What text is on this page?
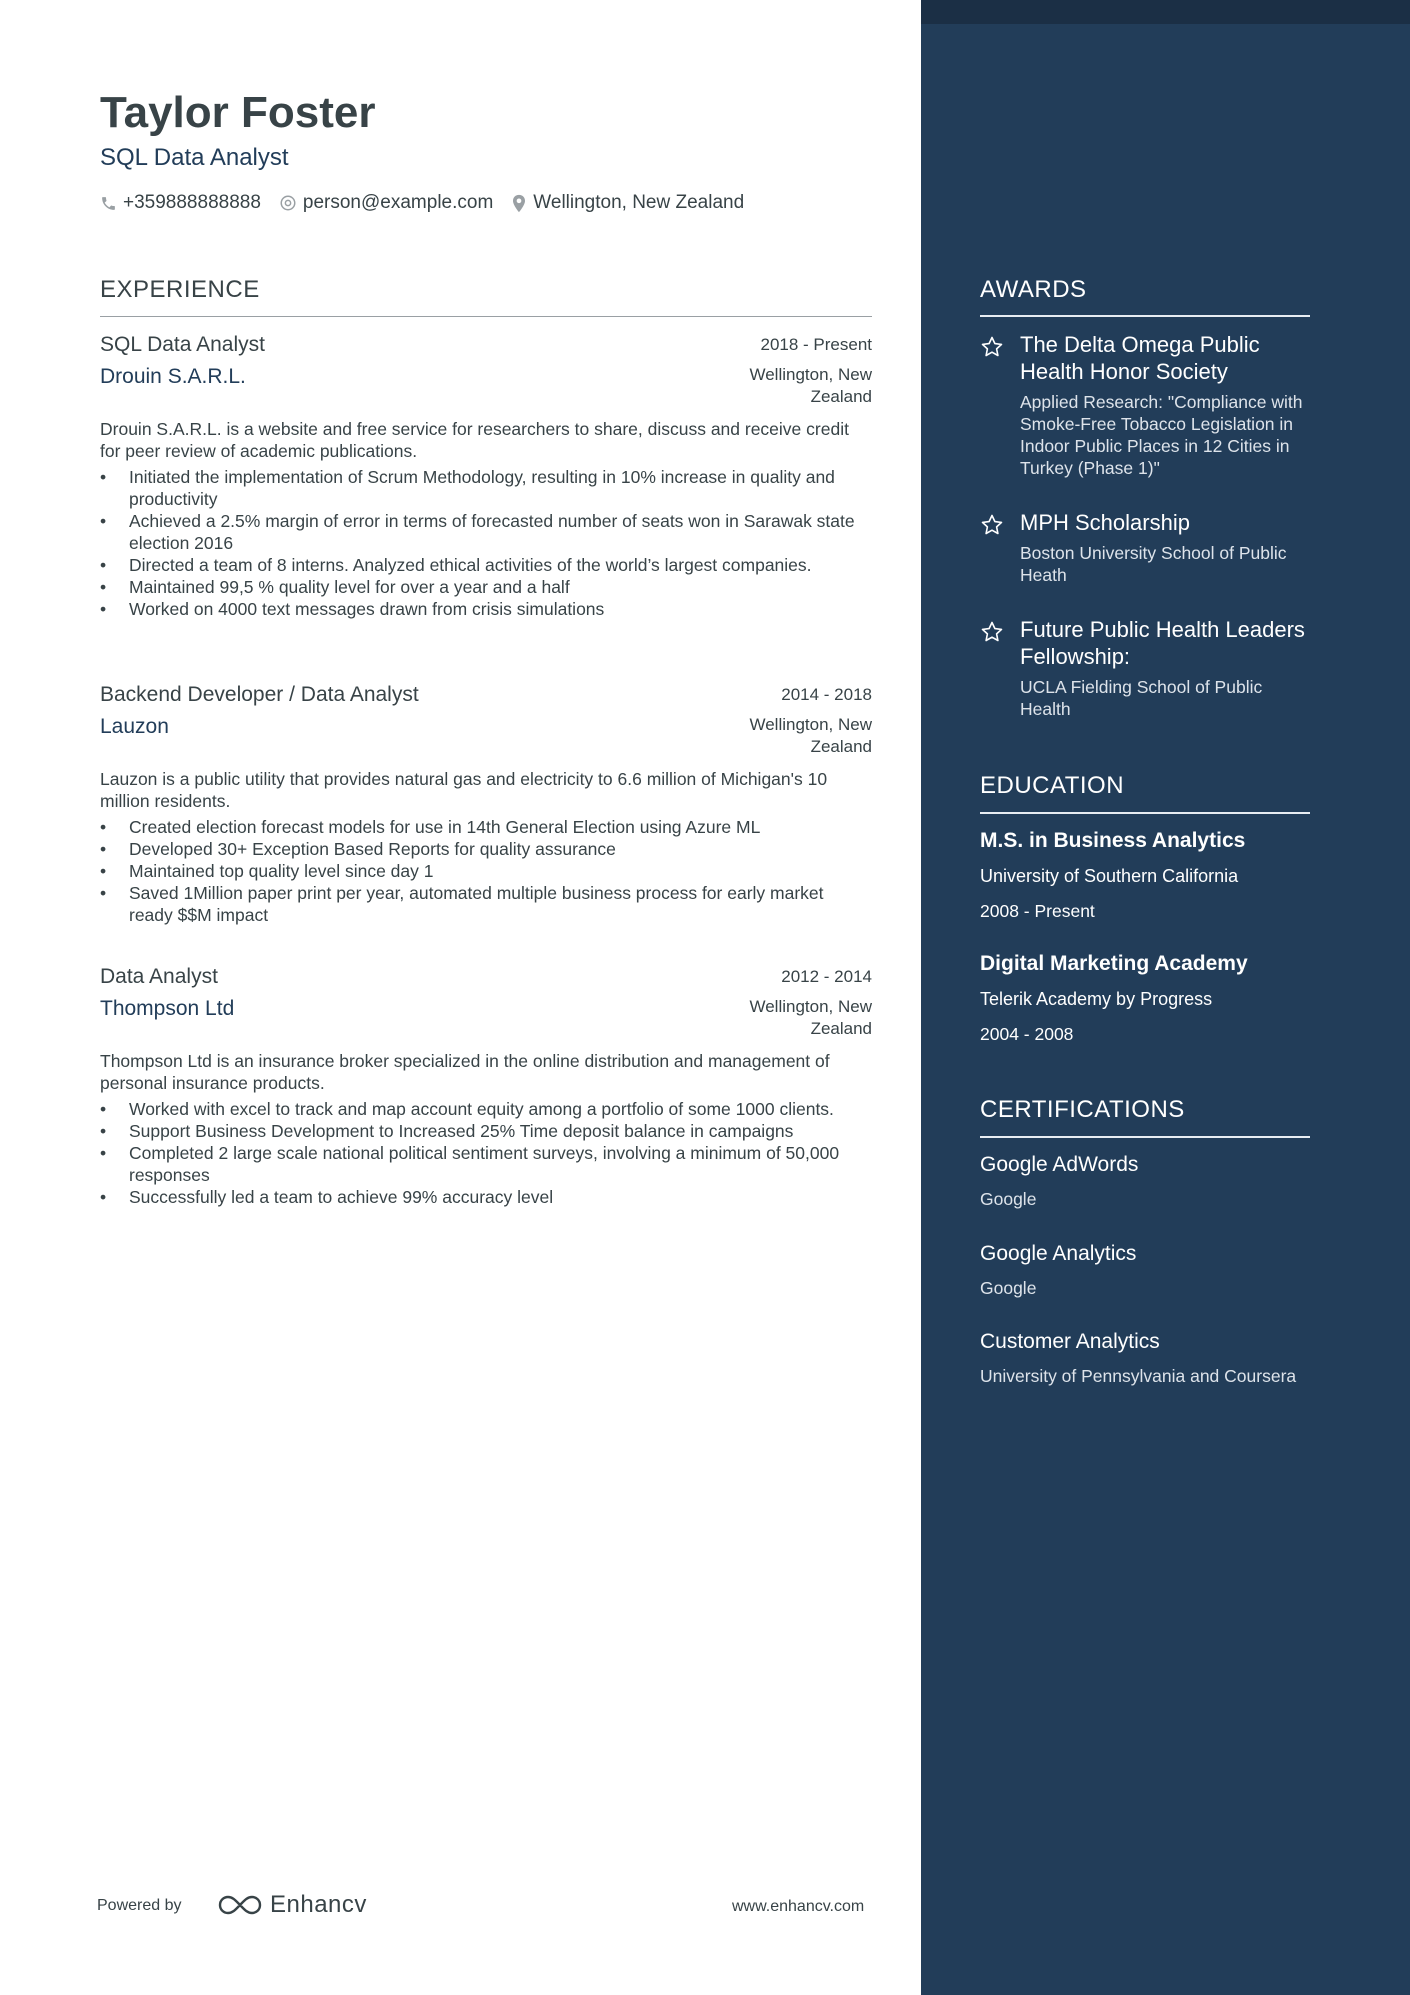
Taylor Foster
SQL Data Analyst
+359888888888 person@example.com Wellington, New Zealand
EXPERIENCE
SQL Data Analyst	2018 - Present
Drouin S.A.R.L.	Wellington, New Zealand

Drouin S.A.R.L. is a website and free service for researchers to share, discuss and receive credit for peer review of academic publications.

• Initiated the implementation of Scrum Methodology, resulting in 10% increase in quality and productivity
• Achieved a 2.5% margin of error in terms of forecasted number of seats won in Sarawak state election 2016
• Directed a team of 8 interns. Analyzed ethical activities of the world’s largest companies.
• Maintained 99,5 % quality level for over a year and a half
• Worked on 4000 text messages drawn from crisis simulations
Backend Developer / Data Analyst	2014 - 2018
Lauzon	Wellington, New Zealand

Lauzon is a public utility that provides natural gas and electricity to 6.6 million of Michigan's 10 million residents.

• Created election forecast models for use in 14th General Election using Azure ML
• Developed 30+ Exception Based Reports for quality assurance
• Maintained top quality level since day 1
• Saved 1Million paper print per year, automated multiple business process for early market ready $$M impact
Data Analyst	2012 - 2014
Thompson Ltd	Wellington, New Zealand

Thompson Ltd is an insurance broker specialized in the online distribution and management of personal insurance products.

• Worked with excel to track and map account equity among a portfolio of some 1000 clients.
• Support Business Development to Increased 25% Time deposit balance in campaigns
• Completed 2 large scale national political sentiment surveys, involving a minimum of 50,000 responses
• Successfully led a team to achieve 99% accuracy level
Powered by	Enhancv	www.enhancv.com
AWARDS
The Delta Omega Public Health Honor Society
Applied Research: "Compliance with Smoke-Free Tobacco Legislation in Indoor Public Places in 12 Cities in Turkey (Phase 1)"
MPH Scholarship
Boston University School of Public Heath
Future Public Health Leaders Fellowship:
UCLA Fielding School of Public Health
EDUCATION
M.S. in Business Analytics
University of Southern California
2008 - Present
Digital Marketing Academy
Telerik Academy by Progress
2004 - 2008
CERTIFICATIONS
Google AdWords
Google
Google Analytics
Google
Customer Analytics
University of Pennsylvania and Coursera
